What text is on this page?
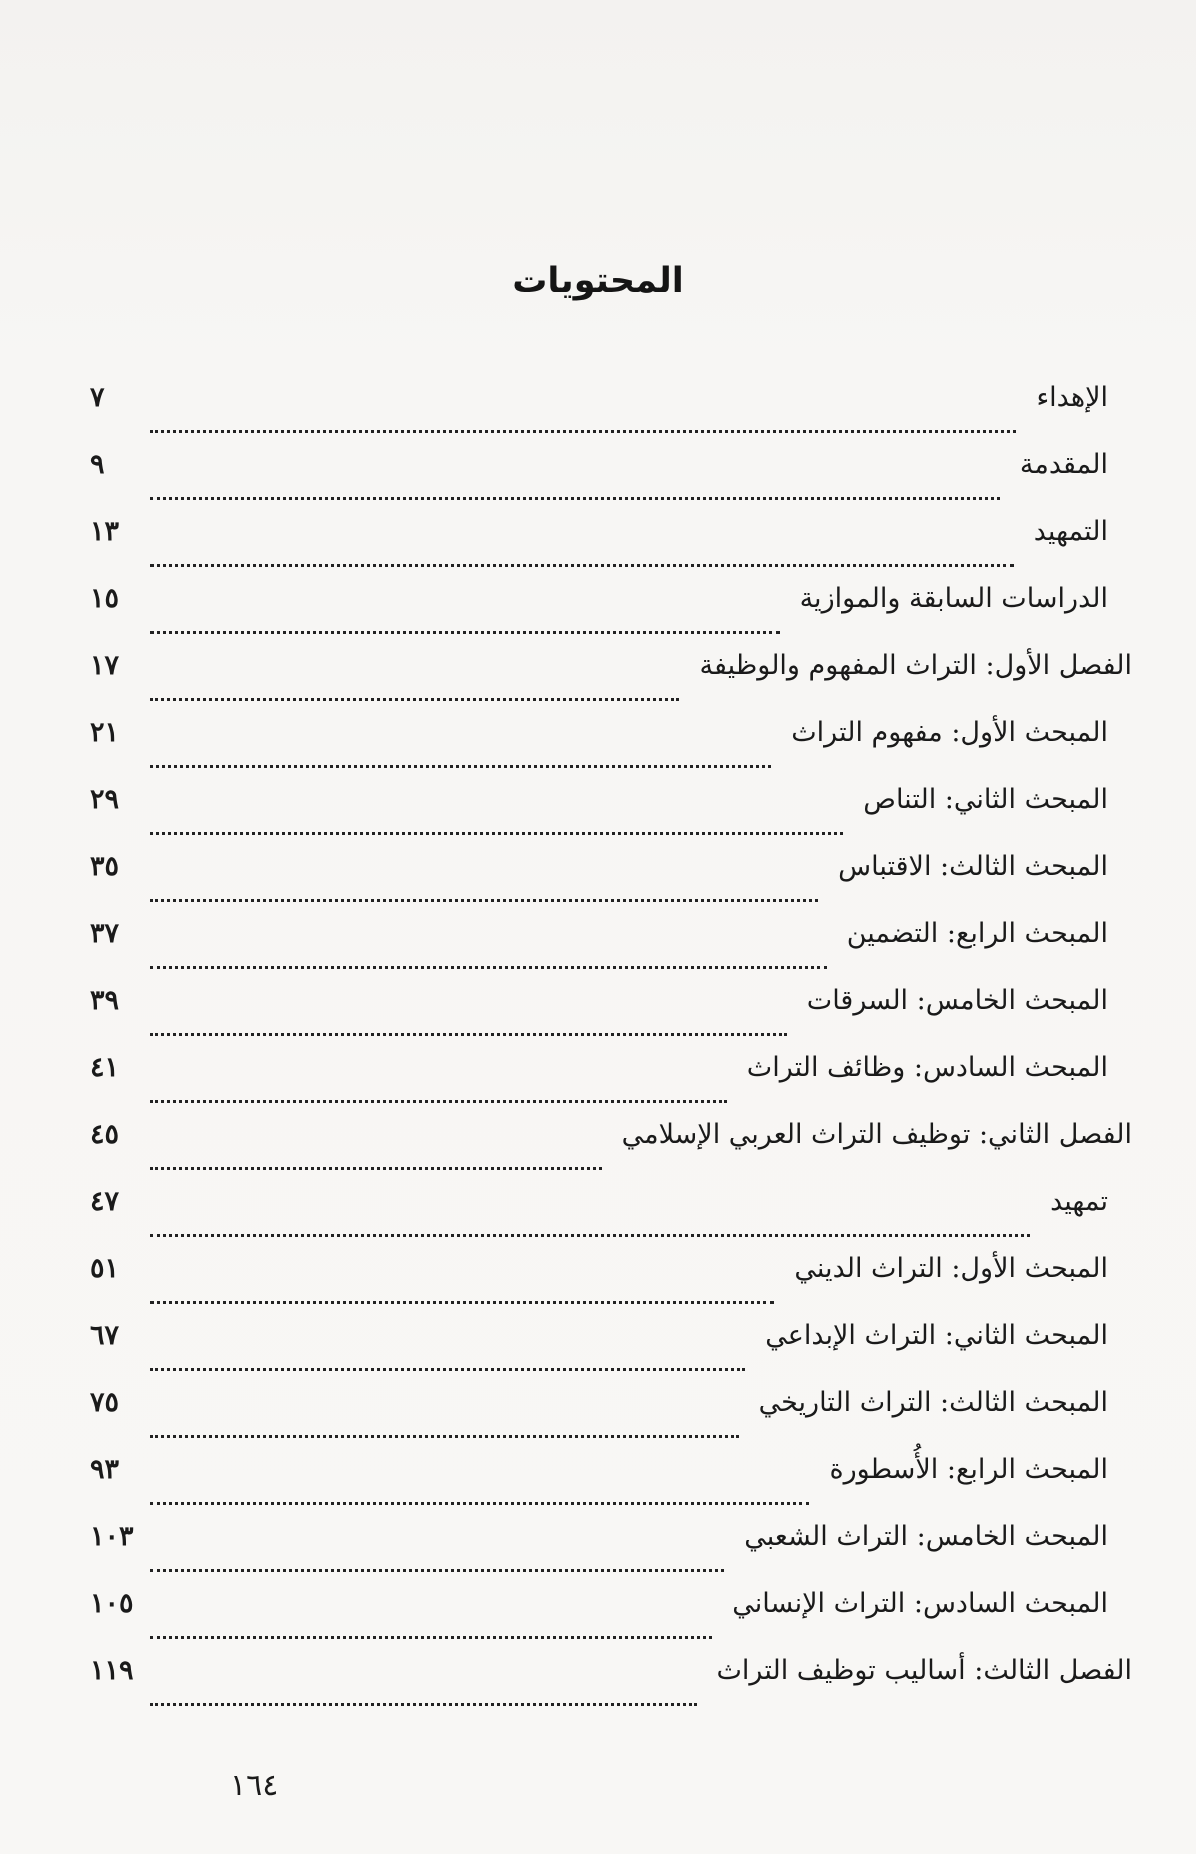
المحتويات
٧	الإهداء
٩	المقدمة
١٣	التمهيد
١٥	الدراسات السابقة والموازية
١٧	الفصل الأول: التراث المفهوم والوظيفة
٢١	المبحث الأول: مفهوم التراث
٢٩	المبحث الثاني: التناص
٣٥	المبحث الثالث: الاقتباس
٣٧	المبحث الرابع: التضمين
٣٩	المبحث الخامس: السرقات
٤١	المبحث السادس: وظائف التراث
٤٥	الفصل الثاني: توظيف التراث العربي الإسلامي
٤٧	تمهيد
٥١	المبحث الأول: التراث الديني
٦٧	المبحث الثاني: التراث الإبداعي
٧٥	المبحث الثالث: التراث التاريخي
٩٣	المبحث الرابع: الأُسطورة
١٠٣	المبحث الخامس: التراث الشعبي
١٠٥	المبحث السادس: التراث الإنساني
١١٩	الفصل الثالث: أساليب توظيف التراث
١٦٤
